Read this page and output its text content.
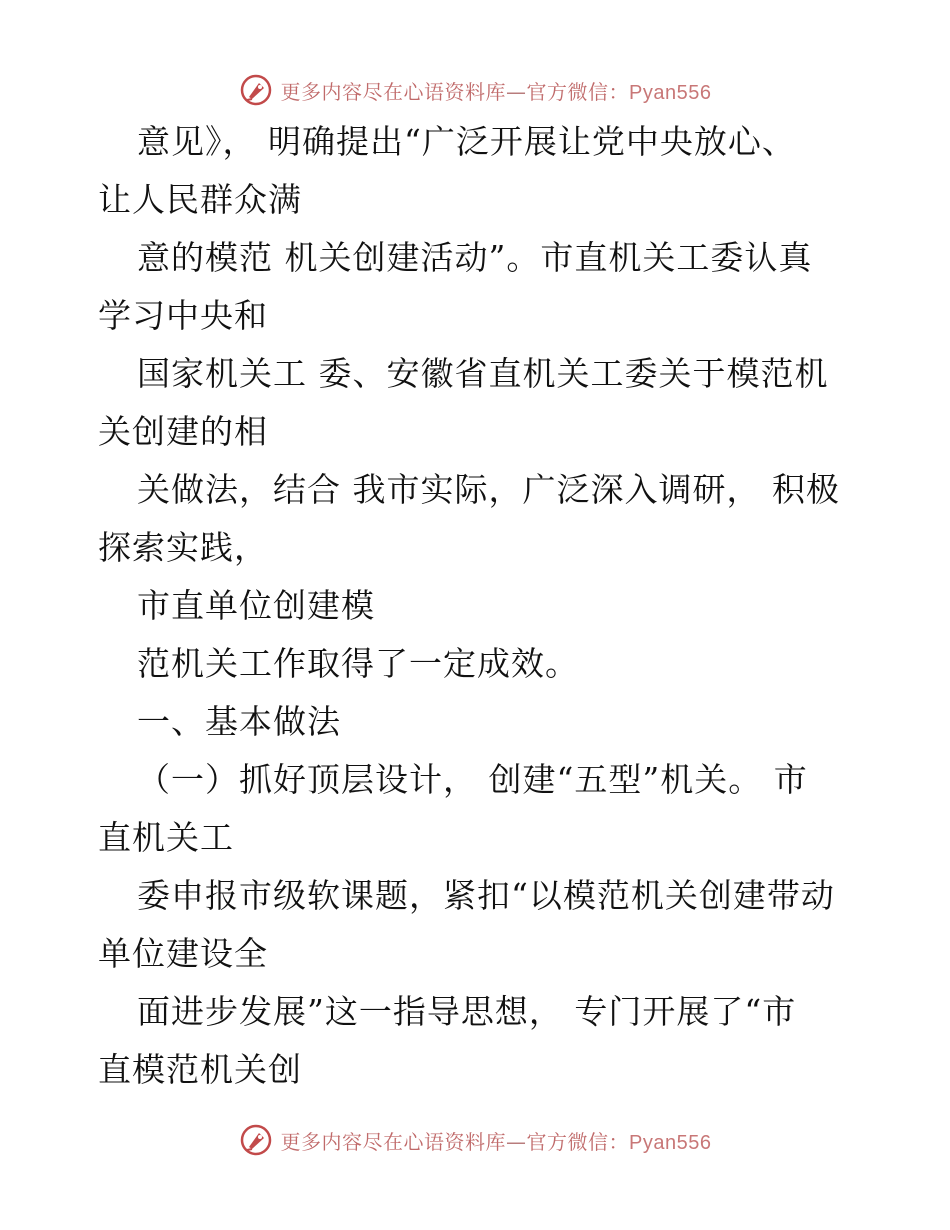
更多内容尽在心语资料库—官方微信：Pyan556
意见》， 明确提出“广泛开展让党中央放心、
让人民群众满
意的模范 机关创建活动”。市直机关工委认真
学习中央和
国家机关工 委、安徽省直机关工委关于模范机
关创建的相
关做法，结合 我市实际，广泛深入调研， 积极
探索实践，
市直单位创建模
范机关工作取得了一定成效。
一、基本做法
（一）抓好顶层设计， 创建“五型”机关。 市
直机关工
委申报市级软课题，紧扣“以模范机关创建带动
单位建设全
面进步发展”这一指导思想， 专门开展了“市
直模范机关创
更多内容尽在心语资料库—官方微信：Pyan556
